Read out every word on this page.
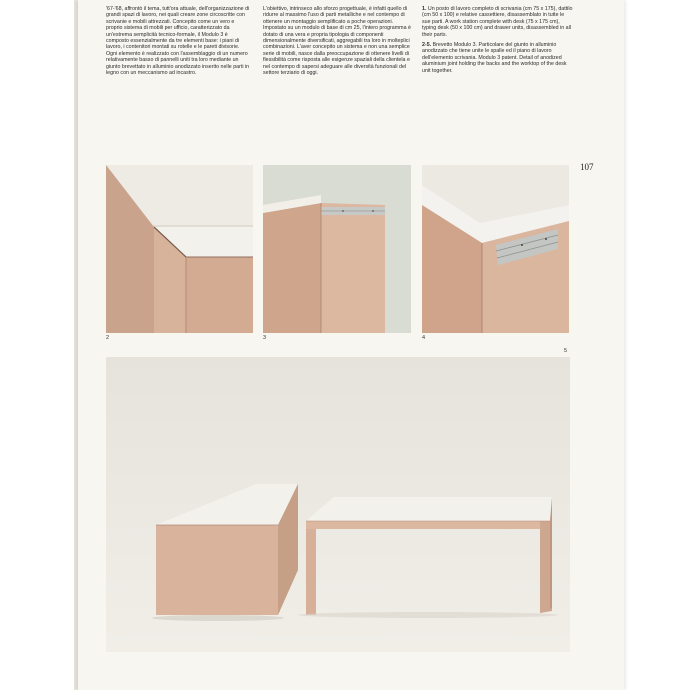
'67-'68, affrontò il tema, tutt'ora attuale, dell'organizzazione di grandi spazi di lavoro, nei quali creare zone circoscritte con scrivanie e mobili attrezzati. Concepito come un vero e proprio sistema di mobili per ufficio, caratterizzato da un'estrema semplicità tecnico-formale, il Modulo 3 è composto essenzialmente da tre elementi base: i piani di lavoro, i contenitori montati su rotelle e le pareti divisorie. Ogni elemento è realizzato con l'assemblaggio di un numero relativamente basso di pannelli uniti tra loro mediante un giunto brevettato in alluminio anodizzato inserito nelle parti in legno con un meccanismo ad incastro.

L'obiettivo, intrinseco allo sforzo progettuale, è infatti quello di ridurre al massimo l'uso di parti metalliche e nel contempo di ottenere un montaggio semplificato a poche operazioni. Impostato su un modulo di base di cm 25, l'intero programma è dotato di una vera e propria tipologia di componenti dimensionalmente diversificati, aggregabili tra loro in molteplici combinazioni. L'aver concepito un sistema e non una semplice serie di mobili, nasce dalla preoccupazione di ottenere livelli di flessibilità come risposta alle esigenze spaziali della clientela e nel contempo di sapersi adeguare alle diversità funzionali del settore terziario di oggi.

1. Un posto di lavoro completo di scrivania (cm 75 x 175), dattilo (cm 50 x 100) e relative cassettiere, disassemblato in tutte le sue parti. A work station complete with desk (75 x 175 cm), typing desk (50 x 100 cm) and drawer units, disassembled in all their parts.

2-5. Brevetto Modulo 3. Particolare del giunto in alluminio anodizzato che tiene unite le spalle ed il piano di lavoro dell'elemento scrivania. Modulo 3 patent. Detail of anodized aluminium joint holding the backs and the worktop of the desk unit together.

107
2	3	4
5
